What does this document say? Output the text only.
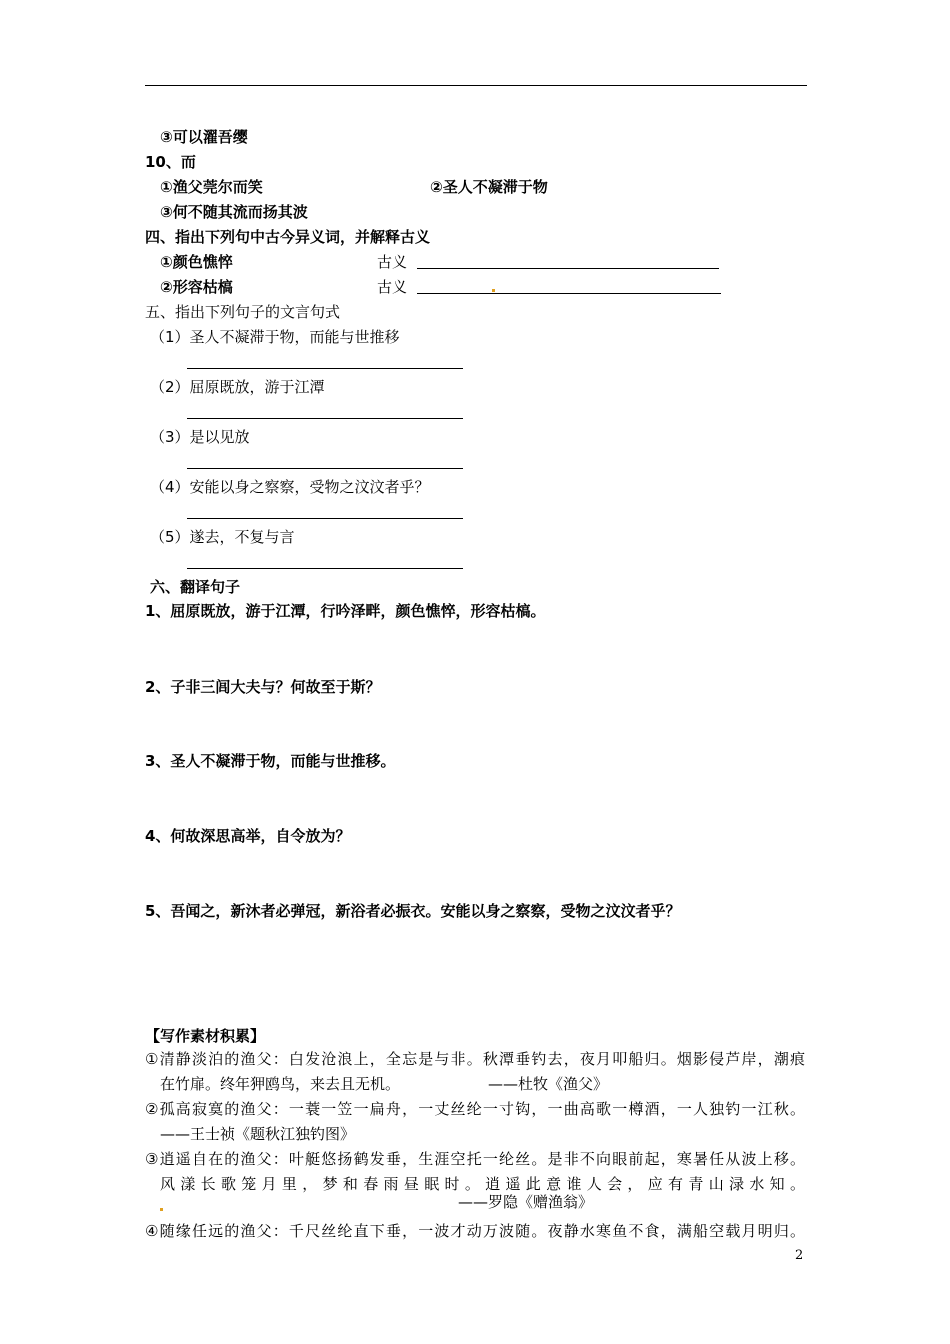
③可以濯吾缨
10、而
①渔父莞尔而笑	②圣人不凝滞于物
③何不随其流而扬其波
四、指出下列句中古今异义词，并解释古义
①颜色憔悴	古义
②形容枯槁	古义
五、指出下列句子的文言句式
（1）圣人不凝滞于物，而能与世推移
（2）屈原既放，游于江潭
（3）是以见放
（4）安能以身之察察，受物之汶汶者乎？
（5）遂去，不复与言
六、翻译句子
1、屈原既放，游于江潭，行吟泽畔，颜色憔悴，形容枯槁。
2、子非三闾大夫与？何故至于斯？
3、圣人不凝滞于物，而能与世推移。
4、何故深思高举，自令放为？
5、吾闻之，新沐者必弹冠，新浴者必振衣。安能以身之察察，受物之汶汶者乎？
【写作素材积累】
①清静淡泊的渔父：白发沧浪上，全忘是与非。秋潭垂钓去，夜月叩船归。烟影侵芦岸，潮痕
在竹扉。终年狎鸥鸟，来去且无机。	——杜牧《渔父》
②孤高寂寞的渔父：一蓑一笠一扁舟，一丈丝纶一寸钩，一曲高歌一樽酒，一人独钓一江秋。
——王士祯《题秋江独钓图》
③逍遥自在的渔父：叶艇悠扬鹤发垂，生涯空托一纶丝。是非不向眼前起，寒暑任从波上移。
风漾长歌笼月里，梦和春雨昼眠时。逍遥此意谁人会，应有青山渌水知。
——罗隐《赠渔翁》
④随缘任远的渔父：千尺丝纶直下垂，一波才动万波随。夜静水寒鱼不食，满船空载月明归。
2
